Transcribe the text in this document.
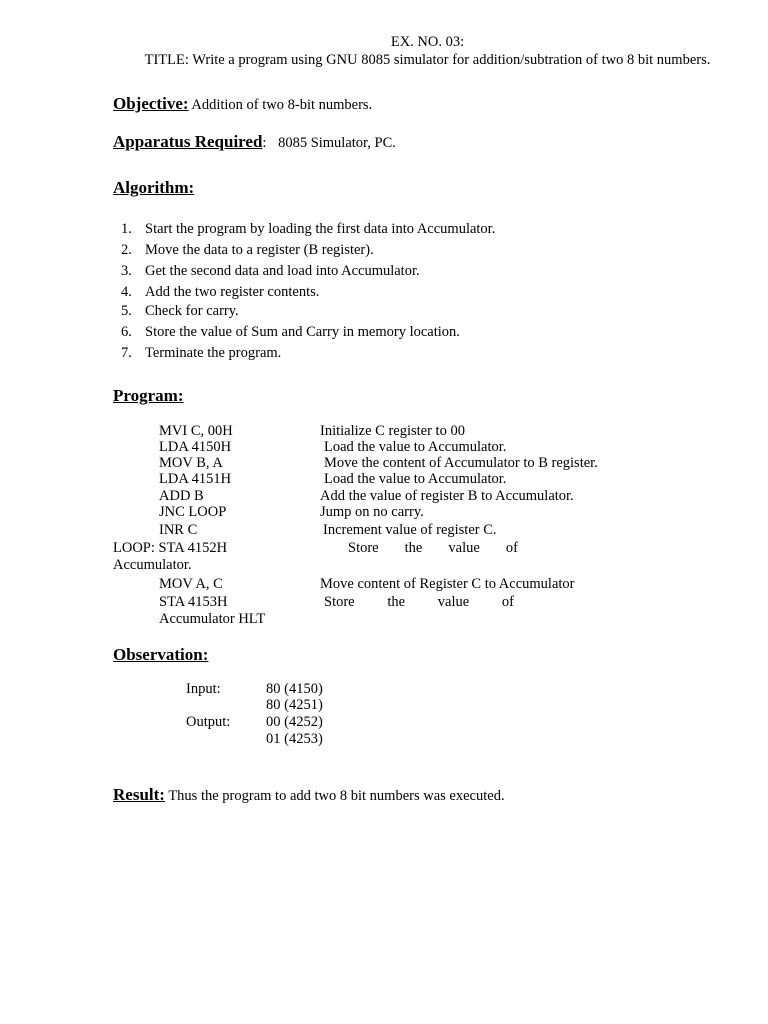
EX. NO. 03:
TITLE: Write a program using GNU 8085 simulator for addition/subtration of two 8 bit numbers.
Objective: Addition of two 8-bit numbers.
Apparatus Required: 8085 Simulator, PC.
Algorithm:
1. Start the program by loading the first data into Accumulator.
2. Move the data to a register (B register).
3. Get the second data and load into Accumulator.
4. Add the two register contents.
5. Check for carry.
6. Store the value of Sum and Carry in memory location.
7. Terminate the program.
Program:
MVI C, 00H	Initialize C register to 00
LDA 4150H	Load the value to Accumulator.
MOV B, A	Move the content of Accumulator to B register.
LDA 4151H	Load the value to Accumulator.
ADD B	Add the value of register B to Accumulator.
JNC LOOP	Jump on no carry.
INR C	Increment value of register C.
LOOP: STA 4152H	Store the value of
Accumulator.
MOV A, C	Move content of Register C to Accumulator
STA 4153H	Store the value of
Accumulator HLT
Observation:
Input:	80 (4150)
80 (4251)
Output: 00 (4252)
01 (4253)
Result: Thus the program to add two 8 bit numbers was executed.
